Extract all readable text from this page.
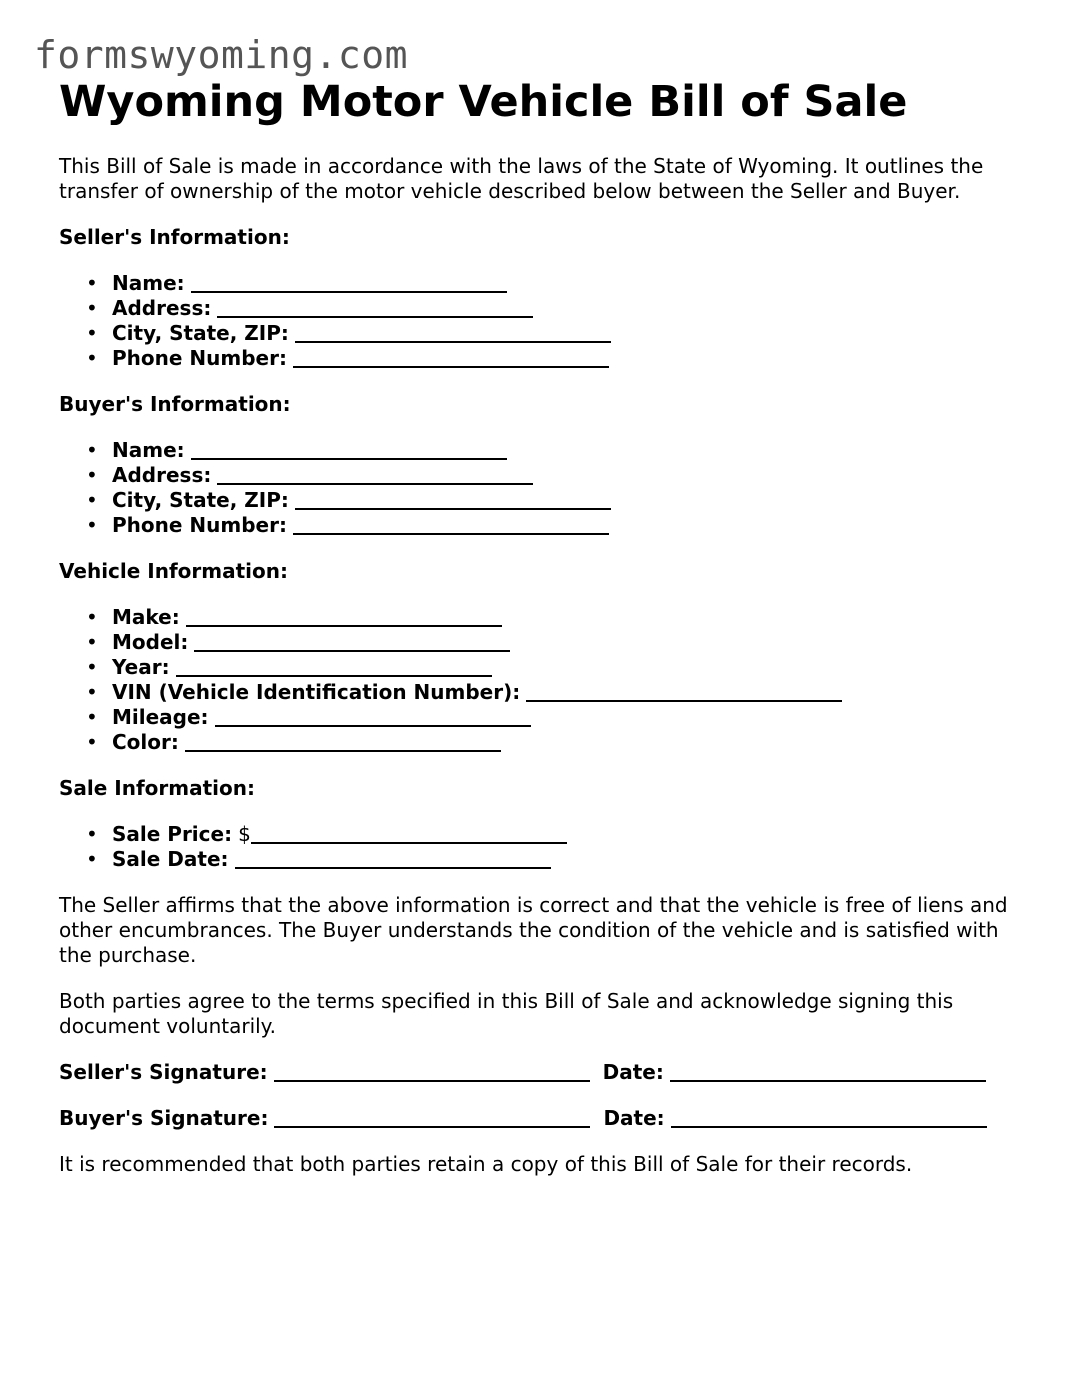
formswyoming.com
Wyoming Motor Vehicle Bill of Sale

This Bill of Sale is made in accordance with the laws of the State of Wyoming. It outlines the transfer of ownership of the motor vehicle described below between the Seller and Buyer.

Seller's Information:

• Name:
• Address:
• City, State, ZIP:
• Phone Number:

Buyer's Information:

• Name:
• Address:
• City, State, ZIP:
• Phone Number:

Vehicle Information:

• Make:
• Model:
• Year:
• VIN (Vehicle Identification Number):
• Mileage:
• Color:

Sale Information:

• Sale Price: $
• Sale Date:

The Seller affirms that the above information is correct and that the vehicle is free of liens and other encumbrances. The Buyer understands the condition of the vehicle and is satisfied with the purchase.

Both parties agree to the terms specified in this Bill of Sale and acknowledge signing this document voluntarily.

Seller's Signature:	Date:
Buyer's Signature:	Date:

It is recommended that both parties retain a copy of this Bill of Sale for their records.
